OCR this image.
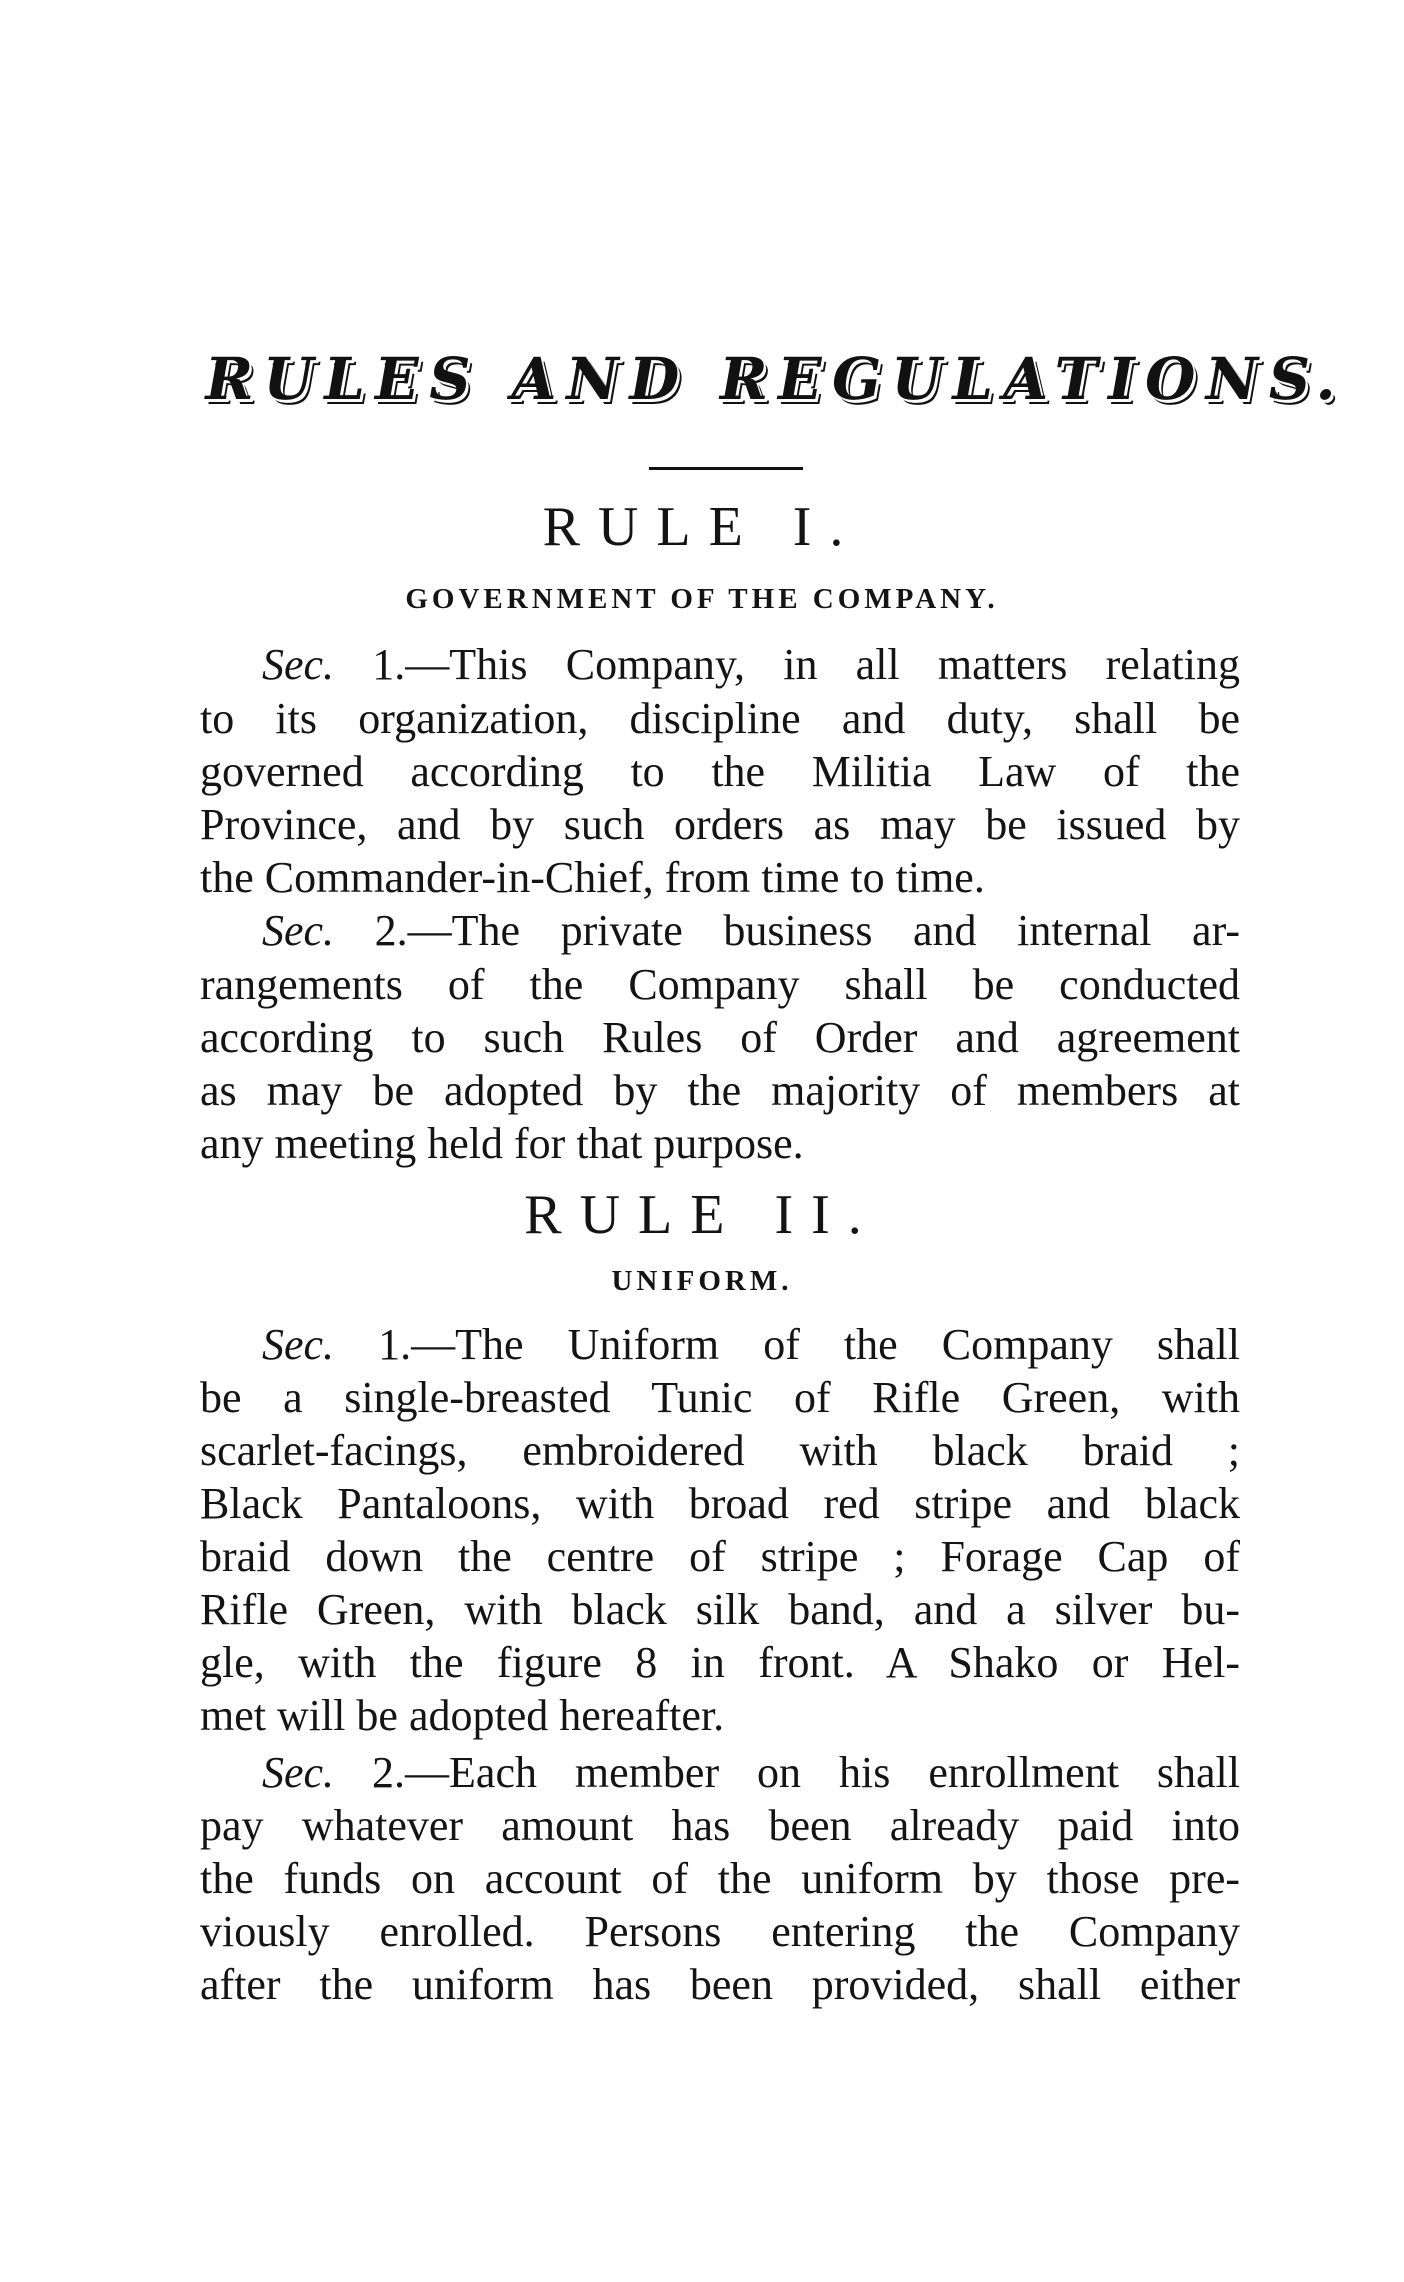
RULES AND REGULATIONS.
RULE I.
GOVERNMENT OF THE COMPANY.
Sec. 1.—This Company, in all matters relating
to its organization, discipline and duty, shall be
governed according to the Militia Law of the
Province, and by such orders as may be issued by
the Commander-in-Chief, from time to time.
Sec. 2.—The private business and internal ar-
rangements of the Company shall be conducted
according to such Rules of Order and agreement
as may be adopted by the majority of members at
any meeting held for that purpose.
RULE II.
UNIFORM.
Sec. 1.—The Uniform of the Company shall
be a single-breasted Tunic of Rifle Green, with
scarlet-facings, embroidered with black braid ;
Black Pantaloons, with broad red stripe and black
braid down the centre of stripe ; Forage Cap of
Rifle Green, with black silk band, and a silver bu-
gle, with the figure 8 in front. A Shako or Hel-
met will be adopted hereafter.
Sec. 2.—Each member on his enrollment shall
pay whatever amount has been already paid into
the funds on account of the uniform by those pre-
viously enrolled. Persons entering the Company
after the uniform has been provided, shall either
